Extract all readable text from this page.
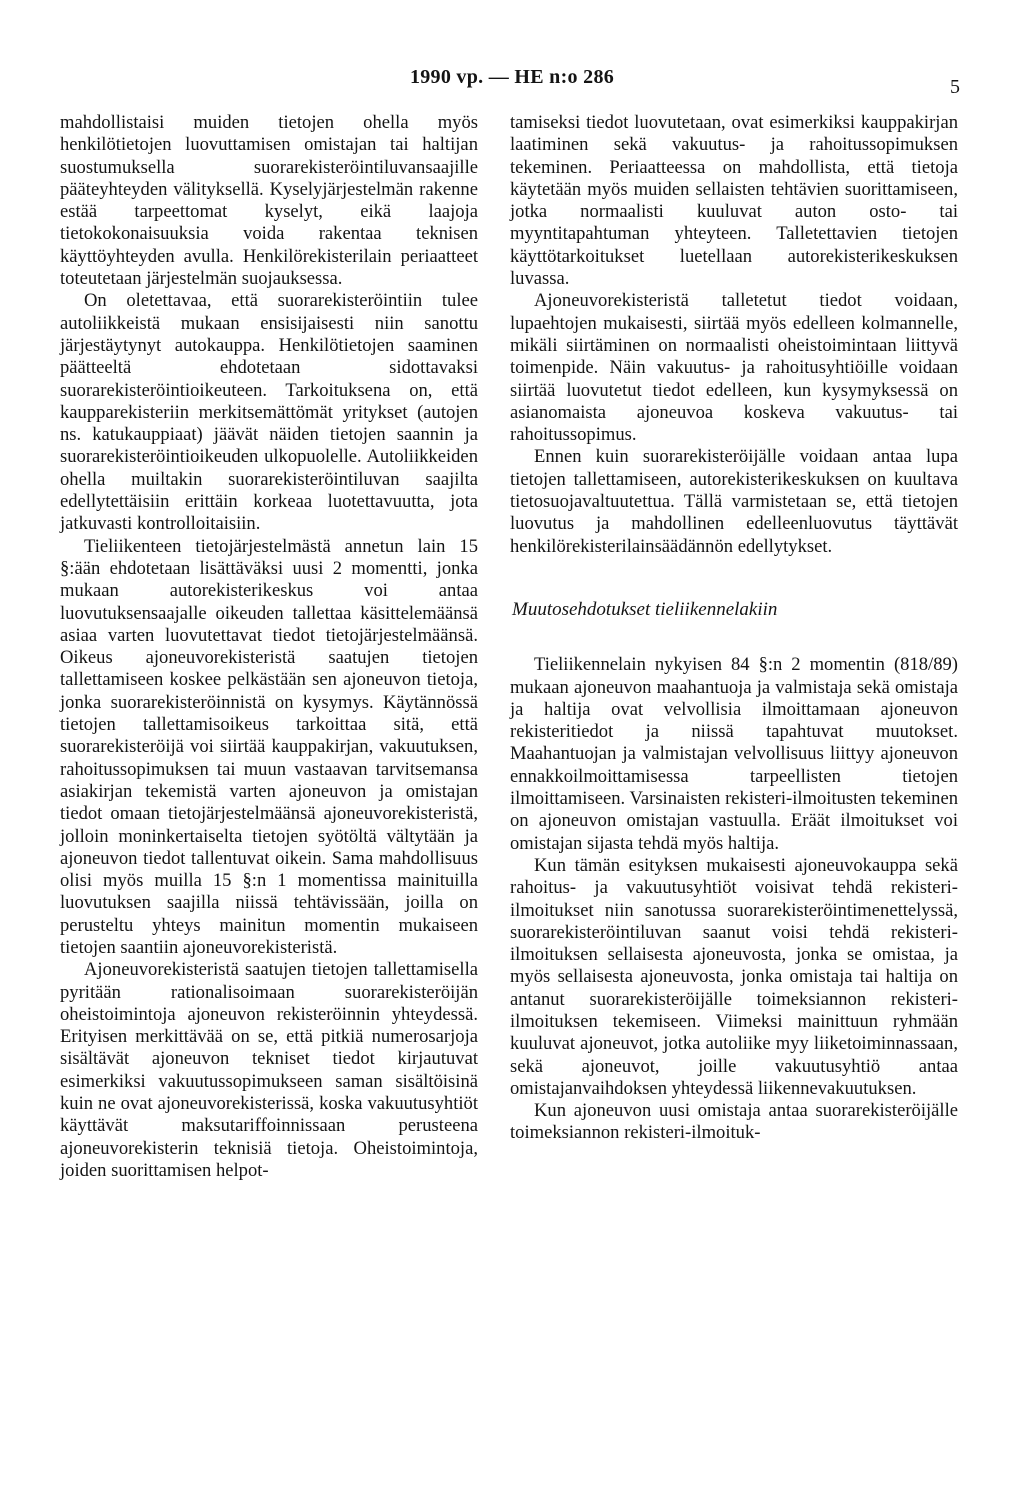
1990 vp. — HE n:o 286	5

mahdollistaisi muiden tietojen ohella myös henkilötietojen luovuttamisen omistajan tai haltijan suostumuksella suorarekisteröintiluvansaajille pääteyhteyden välityksellä. Kyselyjärjestelmän rakenne estää tarpeettomat kyselyt, eikä laajoja tietokokonaisuuksia voida rakentaa teknisen käyttöyhteyden avulla. Henkilörekisterilain periaatteet toteutetaan järjestelmän suojauksessa.

On oletettavaa, että suorarekisteröintiin tulee autoliikkeistä mukaan ensisijaisesti niin sanottu järjestäytynyt autokauppa. Henkilötietojen saaminen päätteeltä ehdotetaan sidottavaksi suorarekisteröintioikeuteen. Tarkoituksena on, että kaupparekisteriin merkitsemättömät yritykset (autojen ns. katukauppiaat) jäävät näiden tietojen saannin ja suorarekisteröintioikeuden ulkopuolelle. Autoliikkeiden ohella muiltakin suorarekisteröintiluvan saajilta edellytettäisiin erittäin korkeaa luotettavuutta, jota jatkuvasti kontrolloitaisiin.

Tieliikenteen tietojärjestelmästä annetun lain 15 §:ään ehdotetaan lisättäväksi uusi 2 momentti, jonka mukaan autorekisterikeskus voi antaa luovutuksensaajalle oikeuden tallettaa käsittelemäänsä asiaa varten luovutettavat tiedot tietojärjestelmäänsä. Oikeus ajoneuvorekisteristä saatujen tietojen tallettamiseen koskee pelkästään sen ajoneuvon tietoja, jonka suorarekisteröinnistä on kysymys. Käytännössä tietojen tallettamisoikeus tarkoittaa sitä, että suorarekisteröijä voi siirtää kauppakirjan, vakuutuksen, rahoitussopimuksen tai muun vastaavan tarvitsemansa asiakirjan tekemistä varten ajoneuvon ja omistajan tiedot omaan tietojärjestelmäänsä ajoneuvorekisteristä, jolloin moninkertaiselta tietojen syötöltä vältytään ja ajoneuvon tiedot tallentuvat oikein. Sama mahdollisuus olisi myös muilla 15 §:n 1 momentissa mainituilla luovutuksen saajilla niissä tehtävissään, joilla on perusteltu yhteys mainitun momentin mukaiseen tietojen saantiin ajoneuvorekisteristä.

Ajoneuvorekisteristä saatujen tietojen tallettamisella pyritään rationalisoimaan suorarekisteröijän oheistoimintoja ajoneuvon rekisteröinnin yhteydessä. Erityisen merkittävää on se, että pitkiä numerosarjoja sisältävät ajoneuvon tekniset tiedot kirjautuvat esimerkiksi vakuutussopimukseen saman sisältöisinä kuin ne ovat ajoneuvorekisterissä, koska vakuutusyhtiöt käyttävät maksutariffoinnissaan perusteena ajoneuvorekisterin teknisiä tietoja. Oheistoimintoja, joiden suorittamisen helpot-

tamiseksi tiedot luovutetaan, ovat esimerkiksi kauppakirjan laatiminen sekä vakuutus- ja rahoitussopimuksen tekeminen. Periaatteessa on mahdollista, että tietoja käytetään myös muiden sellaisten tehtävien suorittamiseen, jotka normaalisti kuuluvat auton osto- tai myyntitapahtuman yhteyteen. Talletettavien tietojen käyttötarkoitukset luetellaan autorekisterikeskuksen luvassa.

Ajoneuvorekisteristä talletetut tiedot voidaan, lupaehtojen mukaisesti, siirtää myös edelleen kolmannelle, mikäli siirtäminen on normaalisti oheistoimintaan liittyvä toimenpide. Näin vakuutus- ja rahoitusyhtiöille voidaan siirtää luovutetut tiedot edelleen, kun kysymyksessä on asianomaista ajoneuvoa koskeva vakuutus- tai rahoitussopimus.

Ennen kuin suorarekisteröijälle voidaan antaa lupa tietojen tallettamiseen, autorekisterikeskuksen on kuultava tietosuojavaltuutettua. Tällä varmistetaan se, että tietojen luovutus ja mahdollinen edelleenluovutus täyttävät henkilörekisterilainsäädännön edellytykset.

Muutosehdotukset tieliikennelakiin

Tieliikennelain nykyisen 84 §:n 2 momentin (818/89) mukaan ajoneuvon maahantuoja ja valmistaja sekä omistaja ja haltija ovat velvollisia ilmoittamaan ajoneuvon rekisteritiedot ja niissä tapahtuvat muutokset. Maahantuojan ja valmistajan velvollisuus liittyy ajoneuvon ennakkoilmoittamisessa tarpeellisten tietojen ilmoittamiseen. Varsinaisten rekisteri-ilmoitusten tekeminen on ajoneuvon omistajan vastuulla. Eräät ilmoitukset voi omistajan sijasta tehdä myös haltija.

Kun tämän esityksen mukaisesti ajoneuvokauppa sekä rahoitus- ja vakuutusyhtiöt voisivat tehdä rekisteri-ilmoitukset niin sanotussa suorarekisteröintimenettelyssä, suorarekisteröintiluvan saanut voisi tehdä rekisteri-ilmoituksen sellaisesta ajoneuvosta, jonka se omistaa, ja myös sellaisesta ajoneuvosta, jonka omistaja tai haltija on antanut suorarekisteröijälle toimeksiannon rekisteri-ilmoituksen tekemiseen. Viimeksi mainittuun ryhmään kuuluvat ajoneuvot, jotka autoliike myy liiketoiminnassaan, sekä ajoneuvot, joille vakuutusyhtiö antaa omistajanvaihdoksen yhteydessä liikennevakuutuksen.

Kun ajoneuvon uusi omistaja antaa suorarekisteröijälle toimeksiannon rekisteri-ilmoituk-
